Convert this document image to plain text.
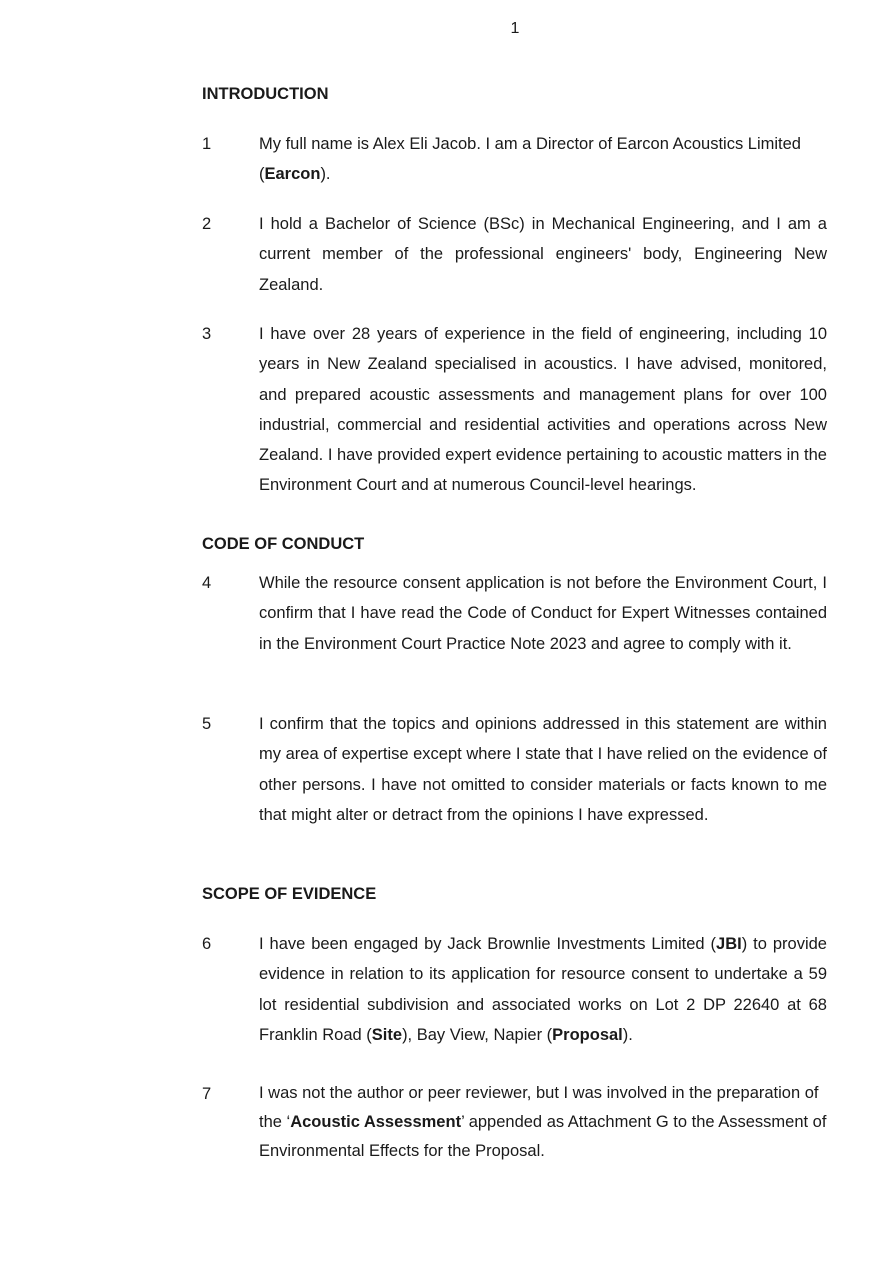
1
INTRODUCTION
1	My full name is Alex Eli Jacob. I am a Director of Earcon Acoustics Limited (Earcon).
2	I hold a Bachelor of Science (BSc) in Mechanical Engineering, and I am a current member of the professional engineers' body, Engineering New Zealand.
3	I have over 28 years of experience in the field of engineering, including 10 years in New Zealand specialised in acoustics. I have advised, monitored, and prepared acoustic assessments and management plans for over 100 industrial, commercial and residential activities and operations across New Zealand. I have provided expert evidence pertaining to acoustic matters in the Environment Court and at numerous Council-level hearings.
CODE OF CONDUCT
4	While the resource consent application is not before the Environment Court, I confirm that I have read the Code of Conduct for Expert Witnesses contained in the Environment Court Practice Note 2023 and agree to comply with it.
5	I confirm that the topics and opinions addressed in this statement are within my area of expertise except where I state that I have relied on the evidence of other persons. I have not omitted to consider materials or facts known to me that might alter or detract from the opinions I have expressed.
SCOPE OF EVIDENCE
6	I have been engaged by Jack Brownlie Investments Limited (JBI) to provide evidence in relation to its application for resource consent to undertake a 59 lot residential subdivision and associated works on Lot 2 DP 22640 at 68 Franklin Road (Site), Bay View, Napier (Proposal).
7	I was not the author or peer reviewer, but I was involved in the preparation of the ‘Acoustic Assessment’ appended as Attachment G to the Assessment of Environmental Effects for the Proposal.
